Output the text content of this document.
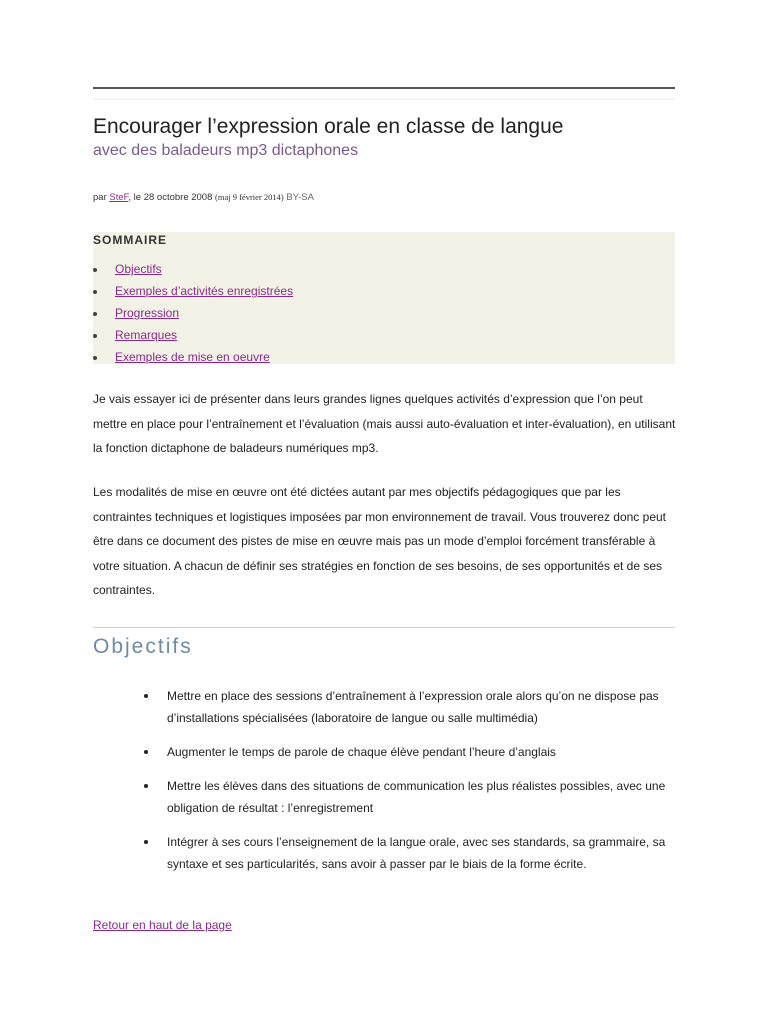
Encourager l’expression orale en classe de langue
avec des baladeurs mp3 dictaphones
par SteF, le 28 octobre 2008 (maj 9 février 2014) BY-SA
SOMMAIRE
Objectifs
Exemples d’activités enregistrées
Progression
Remarques
Exemples de mise en oeuvre

Je vais essayer ici de présenter dans leurs grandes lignes quelques activités d’expression que l’on peut mettre en place pour l’entraînement et l’évaluation (mais aussi auto-évaluation et inter-évaluation), en utilisant la fonction dictaphone de baladeurs numériques mp3.

Les modalités de mise en œuvre ont été dictées autant par mes objectifs pédagogiques que par les contraintes techniques et logistiques imposées par mon environnement de travail. Vous trouverez donc peut être dans ce document des pistes de mise en œuvre mais pas un mode d’emploi forcément transférable à votre situation. A chacun de définir ses stratégies en fonction de ses besoins, de ses opportunités et de ses contraintes.

Objectifs
Mettre en place des sessions d’entraînement à l’expression orale alors qu’on ne dispose pas d’installations spécialisées (laboratoire de langue ou salle multimédia)
Augmenter le temps de parole de chaque élève pendant l’heure d’anglais
Mettre les élèves dans des situations de communication les plus réalistes possibles, avec une obligation de résultat : l’enregistrement
Intégrer à ses cours l’enseignement de la langue orale, avec ses standards, sa grammaire, sa syntaxe et ses particularités, sans avoir à passer par le biais de la forme écrite.
Retour en haut de la page
